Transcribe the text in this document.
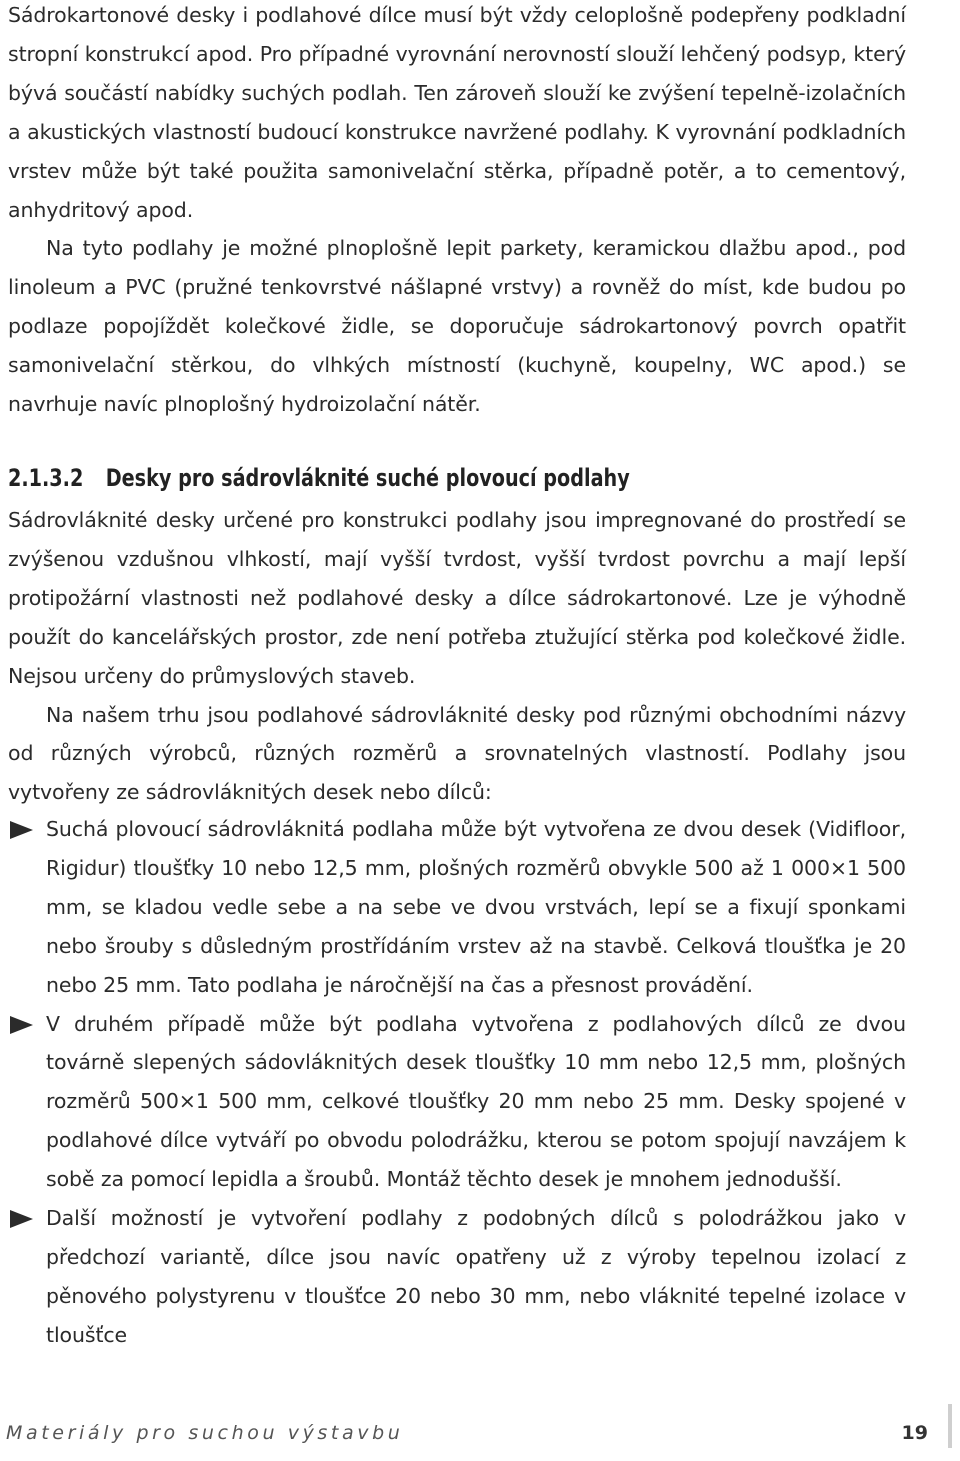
Sádrokartonové desky i podlahové dílce musí být vždy celoplošně podepřeny podkladní stropní konstrukcí apod. Pro případné vyrovnání nerovností slouží lehčený podsyp, který bývá součástí nabídky suchých podlah. Ten zároveň slouží ke zvýšení tepelně-izolačních a akustických vlastností budoucí konstrukce navržené podlahy. K vyrovnání podkladních vrstev může být také použita samonivelační stěrka, případně potěr, a to cementový, anhydritový apod.

Na tyto podlahy je možné plnoplošně lepit parkety, keramickou dlažbu apod., pod linoleum a PVC (pružné tenkovrstvé nášlapné vrstvy) a rovněž do míst, kde budou po podlaze popojíždět kolečkové židle, se doporučuje sádrokartonový povrch opatřit samonivelační stěrkou, do vlhkých místností (kuchyně, koupelny, WC apod.) se navrhuje navíc plnoplošný hydroizolační nátěr.

2.1.3.2 Desky pro sádrovláknité suché plovoucí podlahy

Sádrovláknité desky určené pro konstrukci podlahy jsou impregnované do prostředí se zvýšenou vzdušnou vlhkostí, mají vyšší tvrdost, vyšší tvrdost povrchu a mají lepší protipožární vlastnosti než podlahové desky a dílce sádrokartonové. Lze je výhodně použít do kancelářských prostor, zde není potřeba ztužující stěrka pod kolečkové židle. Nejsou určeny do průmyslových staveb.

Na našem trhu jsou podlahové sádrovláknité desky pod různými obchodními názvy od různých výrobců, různých rozměrů a srovnatelných vlastností. Podlahy jsou vytvořeny ze sádrovláknitých desek nebo dílců:

Suchá plovoucí sádrovláknitá podlaha může být vytvořena ze dvou desek (Vidifloor, Rigidur) tloušťky 10 nebo 12,5 mm, plošných rozměrů obvykle 500 až 1 000×1 500 mm, se kladou vedle sebe a na sebe ve dvou vrstvách, lepí se a fixují sponkami nebo šrouby s důsledným prostřídáním vrstev až na stavbě. Celková tloušťka je 20 nebo 25 mm. Tato podlaha je náročnější na čas a přesnost provádění.
V druhém případě může být podlaha vytvořena z podlahových dílců ze dvou továrně slepených sádovláknitých desek tloušťky 10 mm nebo 12,5 mm, plošných rozměrů 500×1 500 mm, celkové tloušťky 20 mm nebo 25 mm. Desky spojené v podlahové dílce vytváří po obvodu polodrážku, kterou se potom spojují navzájem k sobě za pomocí lepidla a šroubů. Montáž těchto desek je mnohem jednodušší.
Další možností je vytvoření podlahy z podobných dílců s polodrážkou jako v předchozí variantě, dílce jsou navíc opatřeny už z výroby tepelnou izolací z pěnového polystyrenu v tloušťce 20 nebo 30 mm, nebo vláknité tepelné izolace v tloušťce
Materiály pro suchou výstavbu	19
